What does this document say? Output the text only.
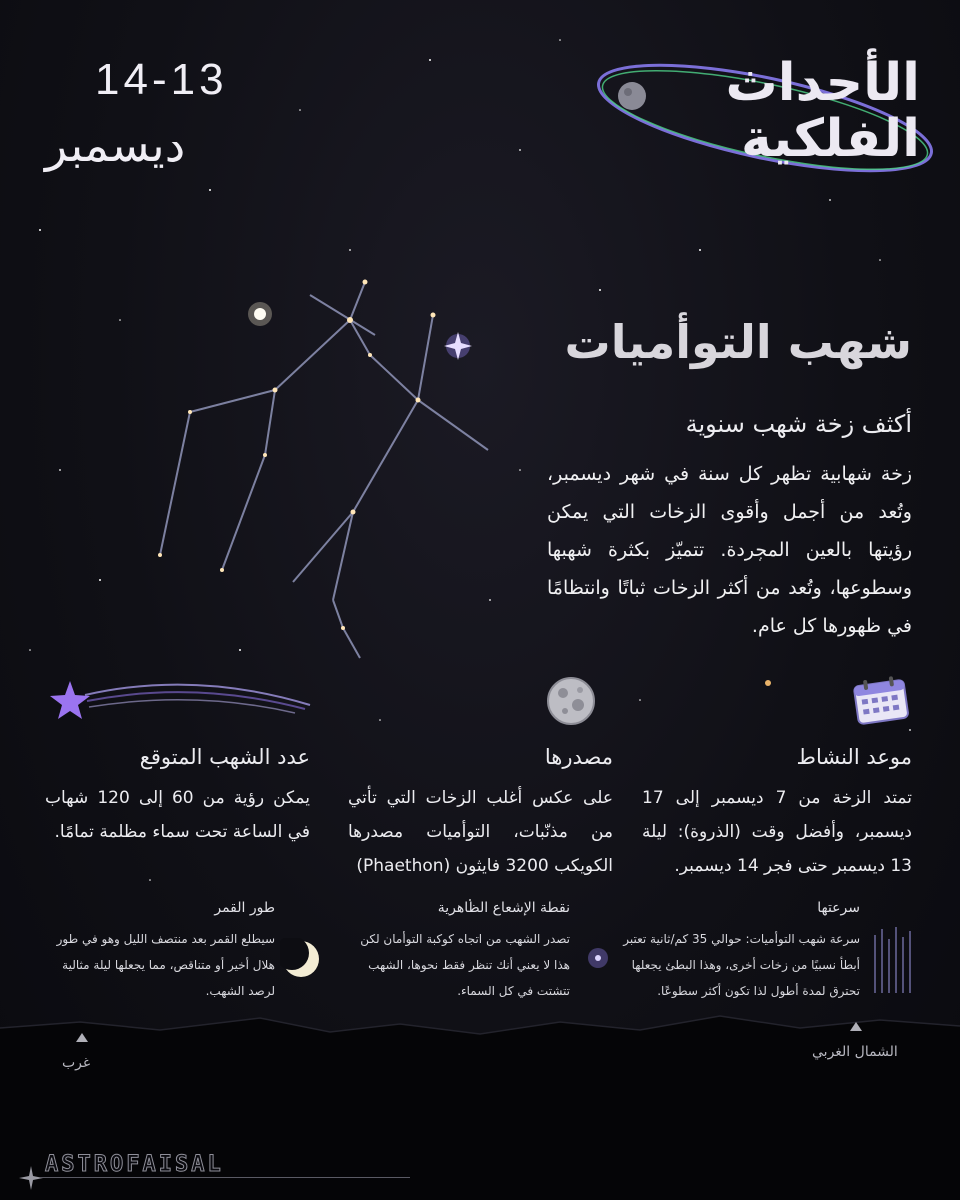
الأحداث
الفلكية
14-13
ديسمبر
شهب التوأميات
أكثف زخة شهب سنوية
زخة شهابية تظهر كل سنة في شهر ديسمبر، وتُعد من أجمل وأقوى الزخات التي يمكن رؤيتها بالعين المجردة. تتميّز بكثرة شهبها وسطوعها، وتُعد من أكثر الزخات ثباتًا وانتظامًا في ظهورها كل عام.
موعد النشاط
تمتد الزخة من 7 ديسمبر إلى 17 ديسمبر، وأفضل وقت (الذروة): ليلة 13 ديسمبر حتى فجر 14 ديسمبر.
مصدرها
على عكس أغلب الزخات التي تأتي من مذنّبات، التوأميات مصدرها الكويكب 3200 فايثون (Phaethon)
عدد الشهب المتوقع
يمكن رؤية من 60 إلى 120 شهاب في الساعة تحت سماء مظلمة تمامًا.
سرعتها
سرعة شهب التوأميات: حوالي 35 كم/ثانية تعتبر أبطأ نسبيًا من زخات أخرى، وهذا البطئ يجعلها تحترق لمدة أطول لذا تكون أكثر سطوعًا.
نقطة الإشعاع الظاهرية
تصدر الشهب من اتجاه كوكبة التوأمان لكن هذا لا يعني أنك تنظر فقط نحوها، الشهب تتشتت في كل السماء.
طور القمر
سيطلع القمر بعد منتصف الليل وهو في طور هلال أخير أو متناقص، مما يجعلها ليلة مثالية لرصد الشهب.
غرب
الشمال الغربي
ASTROFAISAL
